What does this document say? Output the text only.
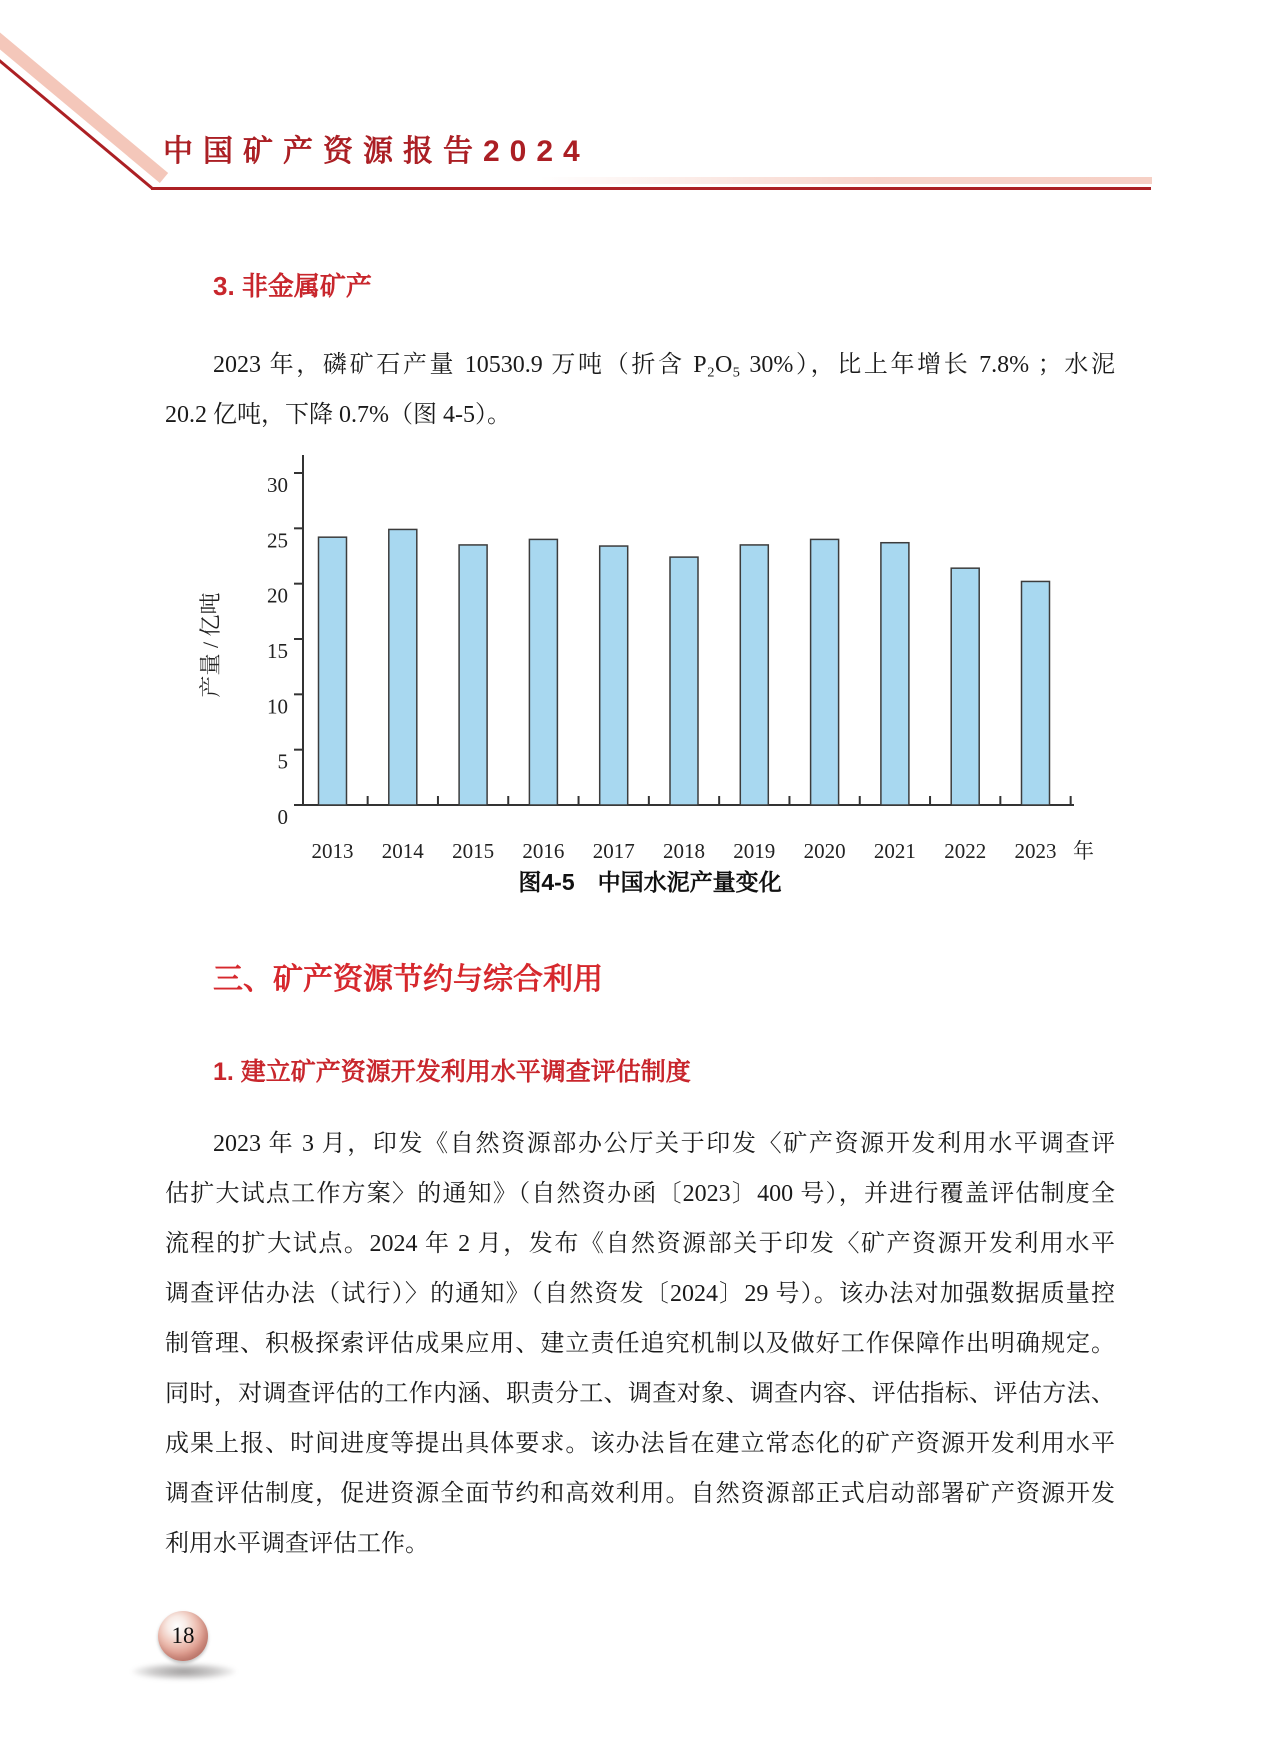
中国矿产资源报告2024
3. 非金属矿产
2023 年，磷矿石产量 10530.9 万吨（折含 P₂O₅ 30%），比上年增长 7.8% ；水泥
20.2 亿吨，下降 0.7%（图 4-5）。
0
5
10
15
20
25
30
2013 2014 2015 2016 2017 2018 2019 2020 2021 2022 2023 年
产量 / 亿吨
图4-5　中国水泥产量变化
三、矿产资源节约与综合利用
1. 建立矿产资源开发利用水平调查评估制度
2023 年 3 月，印发《自然资源部办公厅关于印发〈矿产资源开发利用水平调查评
估扩大试点工作方案〉的通知》（自然资办函〔2023〕400 号），并进行覆盖评估制度全
流程的扩大试点。2024 年 2 月，发布《自然资源部关于印发〈矿产资源开发利用水平
调查评估办法（试行）〉的通知》（自然资发〔2024〕29 号）。该办法对加强数据质量控
制管理、积极探索评估成果应用、建立责任追究机制以及做好工作保障作出明确规定。
同时，对调查评估的工作内涵、职责分工、调查对象、调查内容、评估指标、评估方法、
成果上报、时间进度等提出具体要求。该办法旨在建立常态化的矿产资源开发利用水平
调查评估制度，促进资源全面节约和高效利用。自然资源部正式启动部署矿产资源开发
利用水平调查评估工作。
18
